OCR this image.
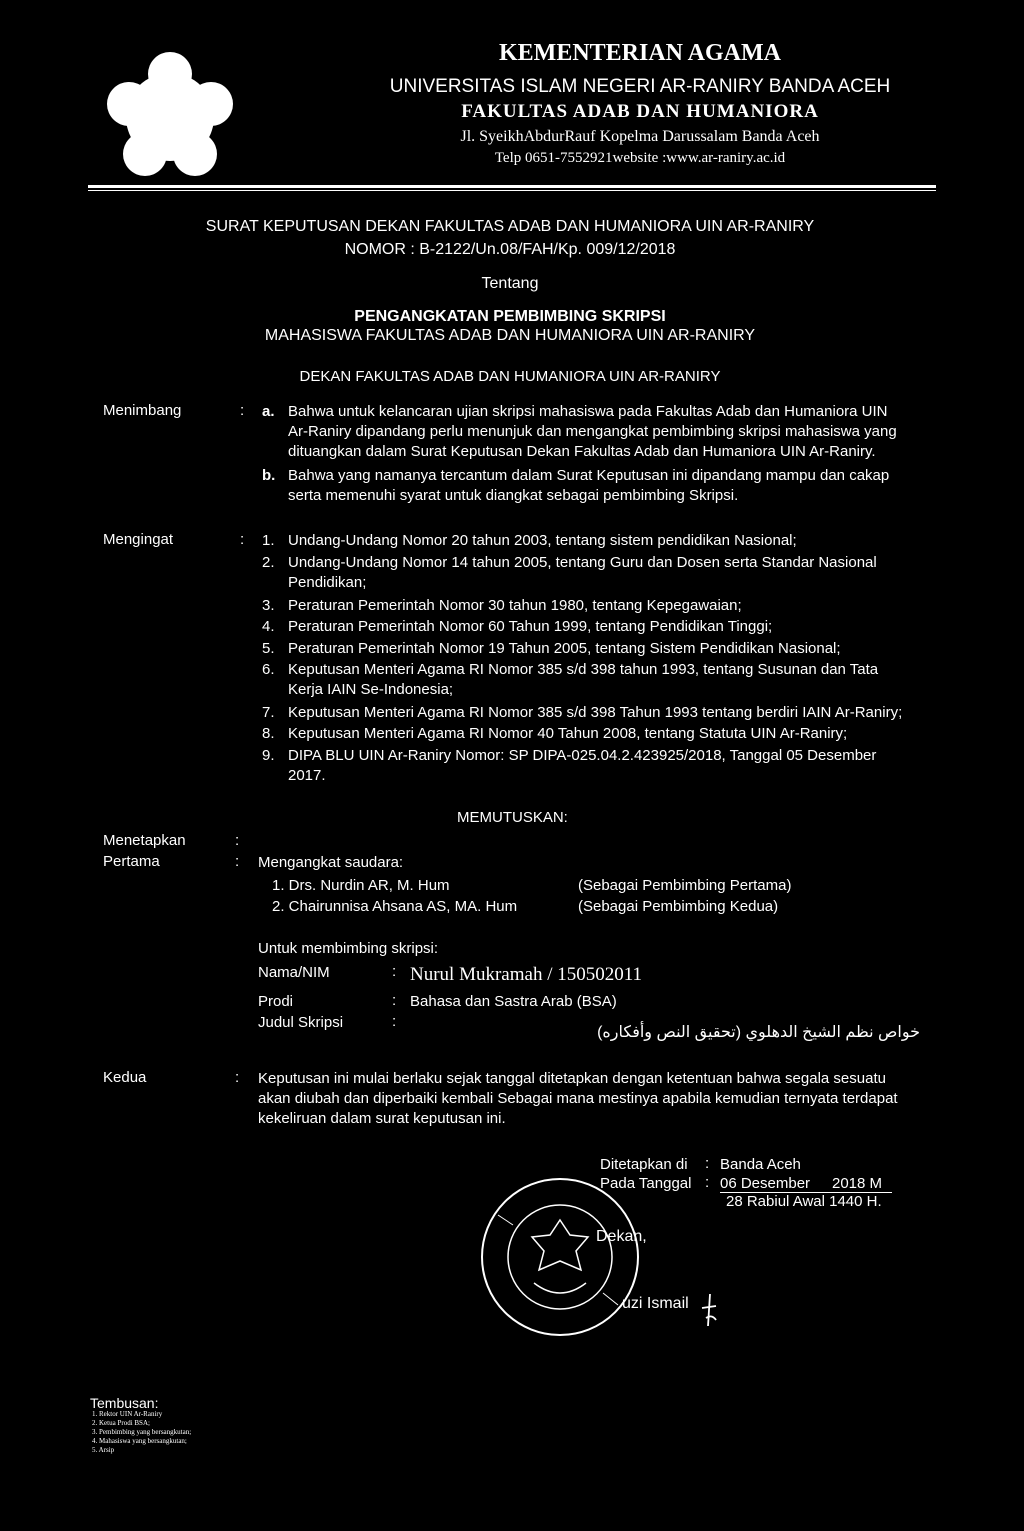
KEMENTERIAN AGAMA
UNIVERSITAS ISLAM NEGERI AR-RANIRY BANDA ACEH
FAKULTAS ADAB DAN HUMANIORA
Jl. SyeikhAbdurRauf Kopelma Darussalam Banda Aceh
Telp 0651-7552921website :www.ar-raniry.ac.id
SURAT KEPUTUSAN DEKAN FAKULTAS ADAB DAN HUMANIORA UIN AR-RANIRY
NOMOR : B-2122/Un.08/FAH/Kp. 009/12/2018
Tentang
PENGANGKATAN PEMBIMBING SKRIPSI
MAHASISWA FAKULTAS ADAB DAN HUMANIORA UIN AR-RANIRY
DEKAN FAKULTAS ADAB DAN HUMANIORA UIN AR-RANIRY
Menimbang	: a. Bahwa untuk kelancaran ujian skripsi mahasiswa pada Fakultas Adab dan Humaniora UIN
Ar-Raniry dipandang perlu menunjuk dan mengangkat pembimbing skripsi mahasiswa yang
dituangkan dalam Surat Keputusan Dekan Fakultas Adab dan Humaniora UIN Ar-Raniry.
b. Bahwa yang namanya tercantum dalam Surat Keputusan ini dipandang mampu dan cakap
serta memenuhi syarat untuk diangkat sebagai pembimbing Skripsi.
Mengingat	: 1. Undang-Undang Nomor 20 tahun 2003, tentang sistem pendidikan Nasional;
2. Undang-Undang Nomor 14 tahun 2005, tentang Guru dan Dosen serta Standar Nasional
Pendidikan;
3. Peraturan Pemerintah Nomor 30 tahun 1980, tentang Kepegawaian;
4. Peraturan Pemerintah Nomor 60 Tahun 1999, tentang Pendidikan Tinggi;
5. Peraturan Pemerintah Nomor 19 Tahun 2005, tentang Sistem Pendidikan Nasional;
6. Keputusan Menteri Agama RI Nomor 385 s/d 398 tahun 1993, tentang Susunan dan Tata
Kerja IAIN Se-Indonesia;
7. Keputusan Menteri Agama RI Nomor 385 s/d 398 Tahun 1993 tentang berdiri IAIN Ar-Raniry;
8. Keputusan Menteri Agama RI Nomor 40 Tahun 2008, tentang Statuta UIN Ar-Raniry;
9. DIPA BLU UIN Ar-Raniry Nomor: SP DIPA-025.04.2.423925/2018, Tanggal 05 Desember
2017.
MEMUTUSKAN:
Menetapkan	:
Pertama	: Mengangkat saudara:
1. Drs. Nurdin AR, M. Hum	(Sebagai Pembimbing Pertama)
2. Chairunnisa Ahsana AS, MA. Hum	(Sebagai Pembimbing Kedua)
Untuk membimbing skripsi:
Nama/NIM	: Nurul Mukramah / 150502011
Prodi	: Bahasa dan Sastra Arab (BSA)
Judul Skripsi	:
خواص نظم الشيخ الدهلوي (تحقيق النص وأفكاره)
Kedua	: Keputusan ini mulai berlaku sejak tanggal ditetapkan dengan ketentuan bahwa segala sesuatu
akan diubah dan diperbaiki kembali Sebagai mana mestinya apabila kemudian ternyata terdapat
kekeliruan dalam surat keputusan ini.
Ditetapkan di : Banda Aceh
Pada Tanggal : 06 Desember 2018 M
28 Rabiul Awal 1440 H.
Dekan,
uzi Ismail
Tembusan:
1. Rektor UIN Ar-Raniry
2. Ketua Prodi BSA;
3. Pembimbing yang bersangkutan;
4. Mahasiswa yang bersangkutan;
5. Arsip
